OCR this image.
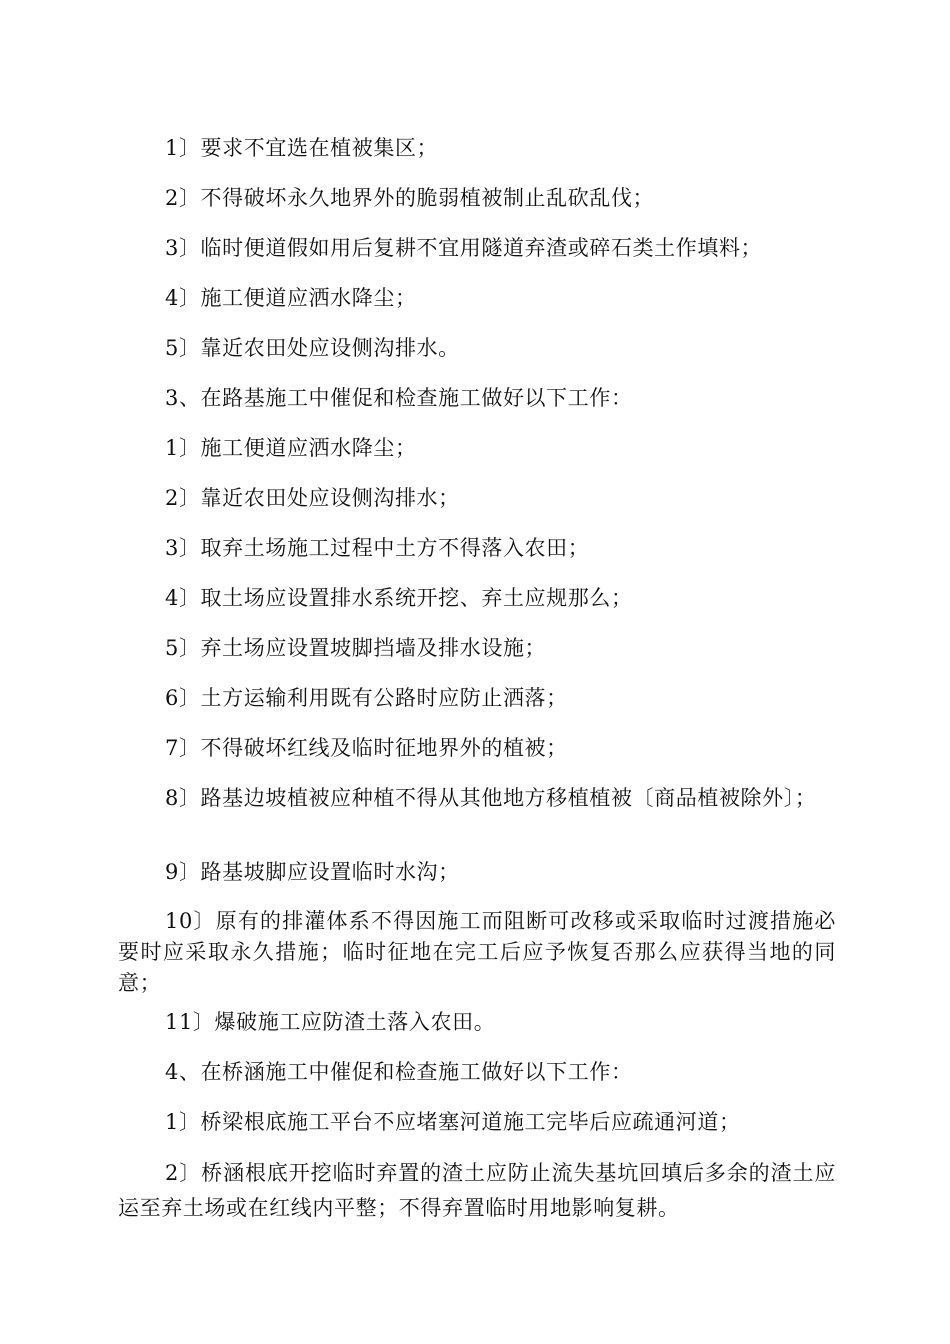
1〕要求不宜选在植被集区；

2〕不得破坏永久地界外的脆弱植被制止乱砍乱伐；

3〕临时便道假如用后复耕不宜用隧道弃渣或碎石类土作填料；

4〕施工便道应洒水降尘；

5〕靠近农田处应设侧沟排水。

3、在路基施工中催促和检查施工做好以下工作：

1〕施工便道应洒水降尘；

2〕靠近农田处应设侧沟排水；

3〕取弃土场施工过程中土方不得落入农田；

4〕取土场应设置排水系统开挖、弃土应规那么；

5〕弃土场应设置坡脚挡墙及排水设施；

6〕土方运输利用既有公路时应防止洒落；

7〕不得破坏红线及临时征地界外的植被；

8〕路基边坡植被应种植不得从其他地方移植植被〔商品植被除外〕；

9〕路基坡脚应设置临时水沟；

10〕原有的排灌体系不得因施工而阻断可改移或采取临时过渡措施必要时应采取永久措施；临时征地在完工后应予恢复否那么应获得当地的同意；

11〕爆破施工应防渣土落入农田。

4、在桥涵施工中催促和检查施工做好以下工作：

1〕桥梁根底施工平台不应堵塞河道施工完毕后应疏通河道；

2〕桥涵根底开挖临时弃置的渣土应防止流失基坑回填后多余的渣土应运至弃土场或在红线内平整；不得弃置临时用地影响复耕。
